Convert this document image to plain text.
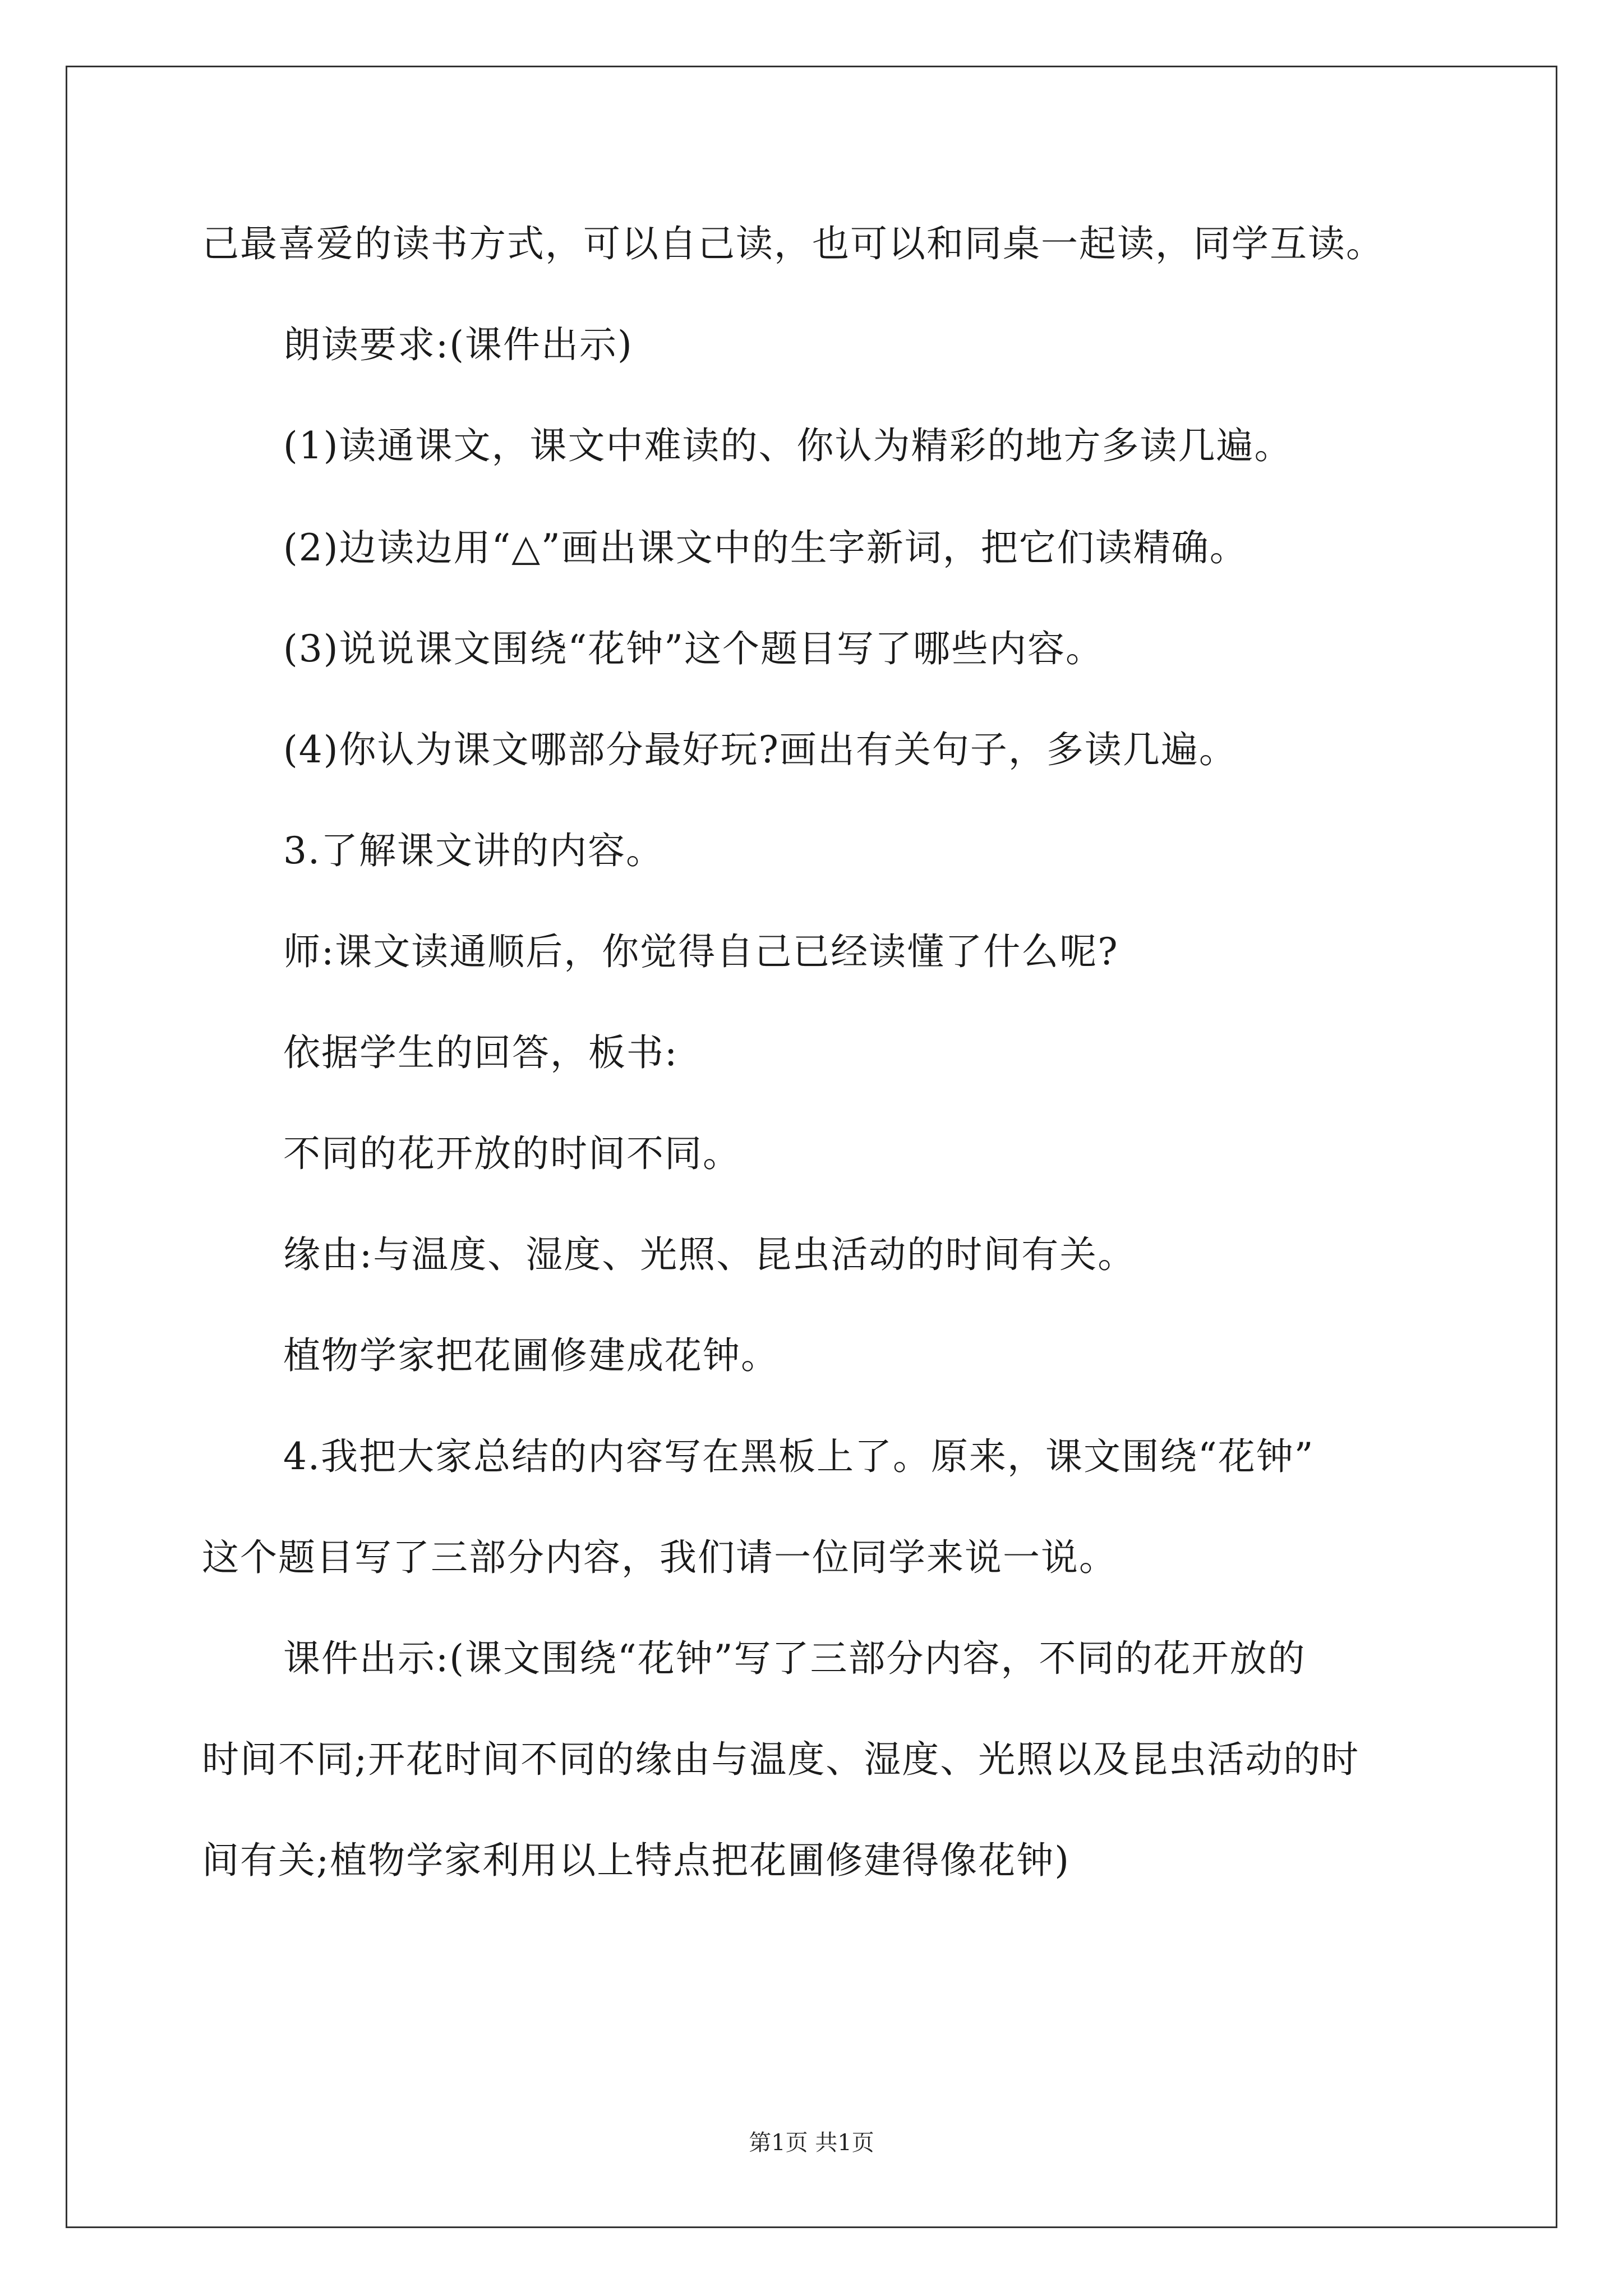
己最喜爱的读书方式，可以自己读，也可以和同桌一起读，同学互读。
朗读要求:(课件出示)
(1)读通课文，课文中难读的、你认为精彩的地方多读几遍。
(2)边读边用“△”画出课文中的生字新词，把它们读精确。
(3)说说课文围绕“花钟”这个题目写了哪些内容。
(4)你认为课文哪部分最好玩?画出有关句子，多读几遍。
3.了解课文讲的内容。
师:课文读通顺后，你觉得自己已经读懂了什么呢?
依据学生的回答，板书:
不同的花开放的时间不同。
缘由:与温度、湿度、光照、昆虫活动的时间有关。
植物学家把花圃修建成花钟。
4.我把大家总结的内容写在黑板上了。原来，课文围绕“花钟”
这个题目写了三部分内容，我们请一位同学来说一说。
课件出示:(课文围绕“花钟”写了三部分内容，不同的花开放的
时间不同;开花时间不同的缘由与温度、湿度、光照以及昆虫活动的时
间有关;植物学家利用以上特点把花圃修建得像花钟)
第1页 共1页
